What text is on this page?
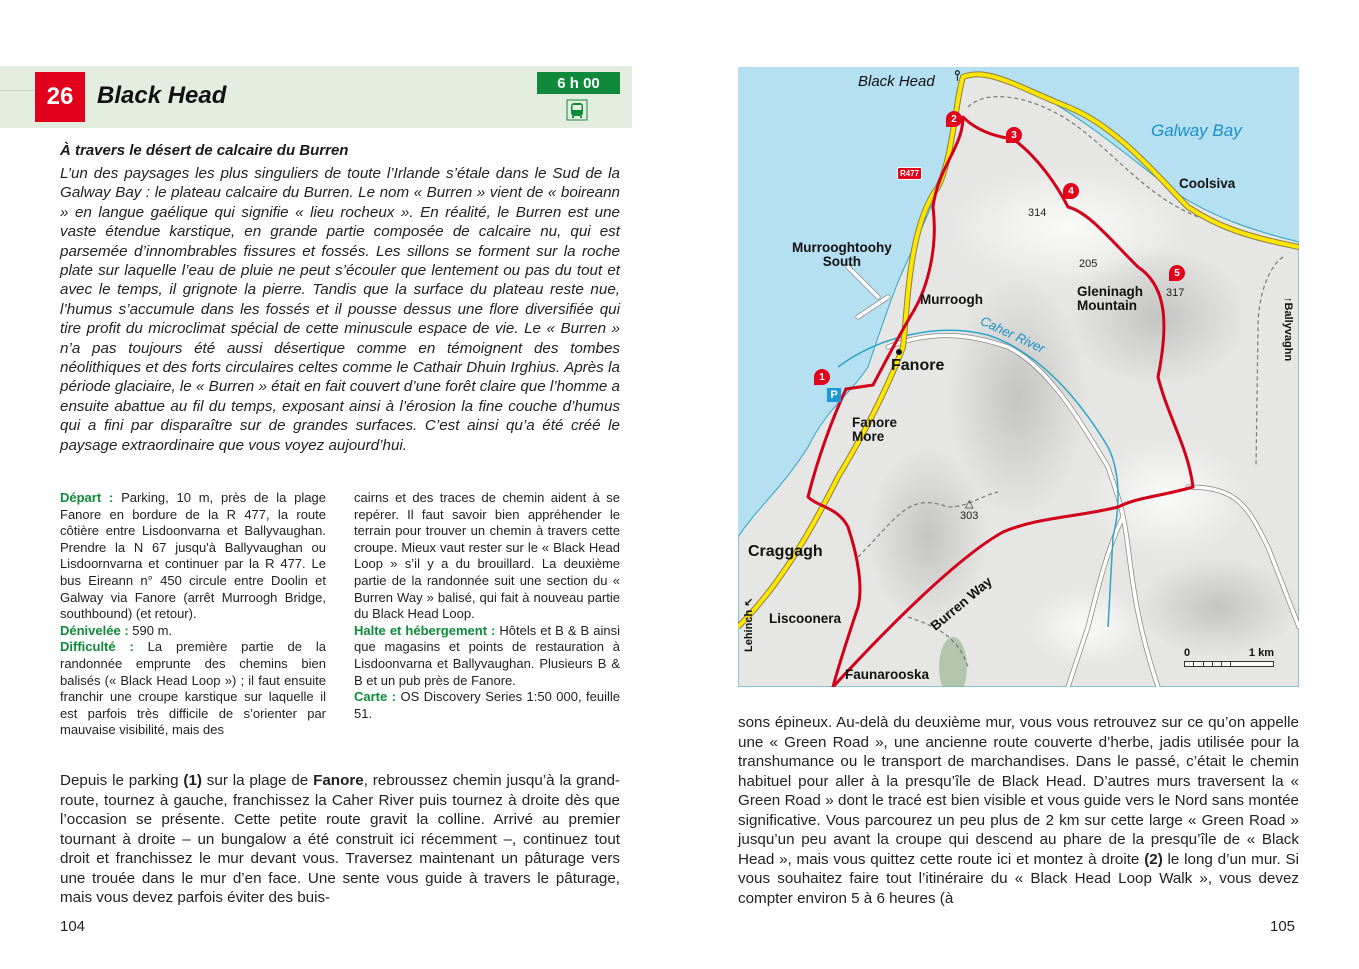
26 Black Head	6 h 00
À travers le désert de calcaire du Burren

L’un des paysages les plus singuliers de toute l’Irlande s’étale dans le Sud de la Galway Bay : le plateau calcaire du Burren. Le nom « Burren » vient de « boireann » en langue gaélique qui signifie « lieu rocheux ». En réalité, le Burren est une vaste étendue karstique, en grande partie composée de calcaire nu, qui est parsemée d’innombrables fissures et fossés. Les sillons se forment sur la roche plate sur laquelle l’eau de pluie ne peut s’écouler que lentement ou pas du tout et avec le temps, il grignote la pierre. Tandis que la surface du plateau reste nue, l’humus s’accumule dans les fossés et il pousse dessus une flore diversifiée qui tire profit du microclimat spécial de cette minuscule espace de vie. Le « Burren » n’a pas toujours été aussi désertique comme en témoignent des tombes néolithiques et des forts circulaires celtes comme le Cathair Dhuin Irghius. Après la période glaciaire, le « Burren » était en fait couvert d’une forêt claire que l’homme a ensuite abattue au fil du temps, exposant ainsi à l’érosion la fine couche d’humus qui a fini par disparaître sur de grandes surfaces. C’est ainsi qu’a été créé le paysage extraordinaire que vous voyez aujourd’hui.

Départ : Parking, 10 m, près de la plage Fanore en bordure de la R 477, la route côtière entre Lisdoonvarna et Ballyvaughan. Prendre la N 67 jusqu'à Ballyvaughan ou Lisdoornvarna et continuer par la R 477. Le bus Eireann n° 450 circule entre Doolin et Galway via Fanore (arrêt Murroogh Bridge, southbound) (et retour).
Dénivelée : 590 m.
Difficulté : La première partie de la randonnée emprunte des chemins bien balisés (« Black Head Loop ») ; il faut ensuite franchir une croupe karstique sur laquelle il est parfois très difficile de s’orienter par mauvaise visibilité, mais des
cairns et des traces de chemin aident à se repérer. Il faut savoir bien appréhender le terrain pour trouver un chemin à travers cette croupe. Mieux vaut rester sur le « Black Head Loop » s’il y a du brouillard. La deuxième partie de la randonnée suit une section du « Burren Way » balisé, qui fait à nouveau partie du Black Head Loop.
Halte et hébergement : Hôtels et B & B ainsi que magasins et points de restauration à Lisdoonvarna et Ballyvaughan. Plusieurs B & B et un pub près de Fanore.
Carte : OS Discovery Series 1:50 000, feuille 51.

Depuis le parking (1) sur la plage de Fanore, rebroussez chemin jusqu’à la grand-route, tournez à gauche, franchissez la Caher River puis tournez à droite dès que l’occasion se présente. Cette petite route gravit la colline. Arrivé au premier tournant à droite – un bungalow a été construit ici récemment –, continuez tout droit et franchissez le mur devant vous. Traversez maintenant un pâturage vers une trouée dans le mur d’en face. Une sente vous guide à travers le pâturage, mais vous devez parfois éviter des buis-

104
Black Head ⫯
Galway Bay
Coolsiva
Murrooghtoohy
South
Murroogh
Gleninagh
Mountain
Caher River
Fanore
Fanore
More
Craggagh
Liscoonera
Faunarooska
Burren Way
↑Ballyvaghn
Lehinch ↖
314
205
317
△
303
R477
P
1
2
3
4
5
0	1 km

sons épineux. Au-delà du deuxième mur, vous vous retrouvez sur ce qu’on appelle une « Green Road », une ancienne route couverte d’herbe, jadis utilisée pour la transhumance ou le transport de marchandises. Dans le passé, c’était le chemin habituel pour aller à la presqu’île de Black Head. D’autres murs traversent la « Green Road » dont le tracé est bien visible et vous guide vers le Nord sans montée significative. Vous parcourez un peu plus de 2 km sur cette large « Green Road » jusqu’un peu avant la croupe qui descend au phare de la presqu’île de « Black Head », mais vous quittez cette route ici et montez à droite (2) le long d’un mur. Si vous souhaitez faire tout l’itinéraire du « Black Head Loop Walk », vous devez compter environ 5 à 6 heures (à

105
